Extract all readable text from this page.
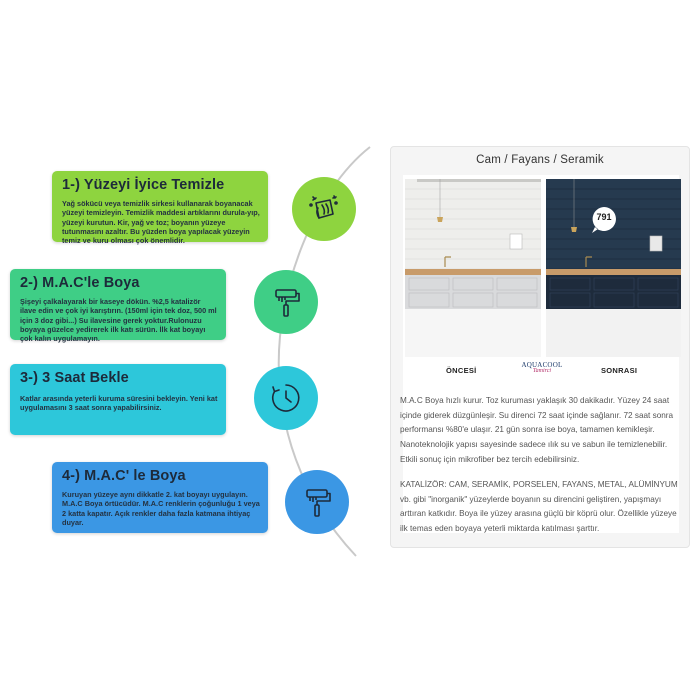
1-) Yüzeyi İyice Temizle

Yağ sökücü veya temizlik sirkesi kullanarak boyanacak yüzeyi temizleyin. Temizlik maddesi artıklarını durula-yıp, yüzeyi kurutun. Kir, yağ ve toz; boyanın yüzeye tutunmasını azaltır. Bu yüzden boya yapılacak yüzeyin temiz ve kuru olması çok önemlidir.

2-) M.A.C'le Boya

Şişeyi çalkalayarak bir kaseye dökün. %2,5 katalizör ilave edin ve çok iyi karıştırın. (150ml için tek doz, 500 ml için 3 doz gibi...) Su ilavesine gerek yoktur.Rulonuzu boyaya güzelce yedirerek ilk katı sürün. İlk kat boyayı çok kalın uygulamayın.

3-) 3 Saat Bekle

Katlar arasında yeterli kuruma süresini bekleyin. Yeni kat uygulamasını 3 saat sonra yapabilirsiniz.

4-) M.A.C' le Boya

Kuruyan yüzeye aynı dikkatle 2. kat boyayı uygulayın. M.A.C Boya örtücüdür. M.A.C renklerin çoğunluğu 1 veya 2 katta kapatır. Açık renkler daha fazla katmana ihtiyaç duyar.

Cam / Fayans / Seramik
791
ÖNCESİ
AQUACOOL
Tamirci	SONRASI
M.A.C Boya hızlı kurur. Toz kuruması yaklaşık 30 dakikadır. Yüzey 24 saat içinde giderek düzgünleşir. Su direnci 72 saat içinde sağlanır. 72 saat sonra performansı %80'e ulaşır. 21 gün sonra ise boya, tamamen kemikleşir. Nanoteknolojik yapısı sayesinde sadece ılık su ve sabun ile temizlenebilir. Etkili sonuç için mikrofiber bez tercih edebilirsiniz.
KATALİZÖR: CAM, SERAMİK, PORSELEN, FAYANS, METAL, ALÜMİNYUM vb. gibi "inorganik" yüzeylerde boyanın su direncini geliştiren, yapışmayı arttıran katkıdır. Boya ile yüzey arasına güçlü bir köprü olur. Özellikle yüzeye ilk temas eden boyaya yeterli miktarda katılması şarttır.
